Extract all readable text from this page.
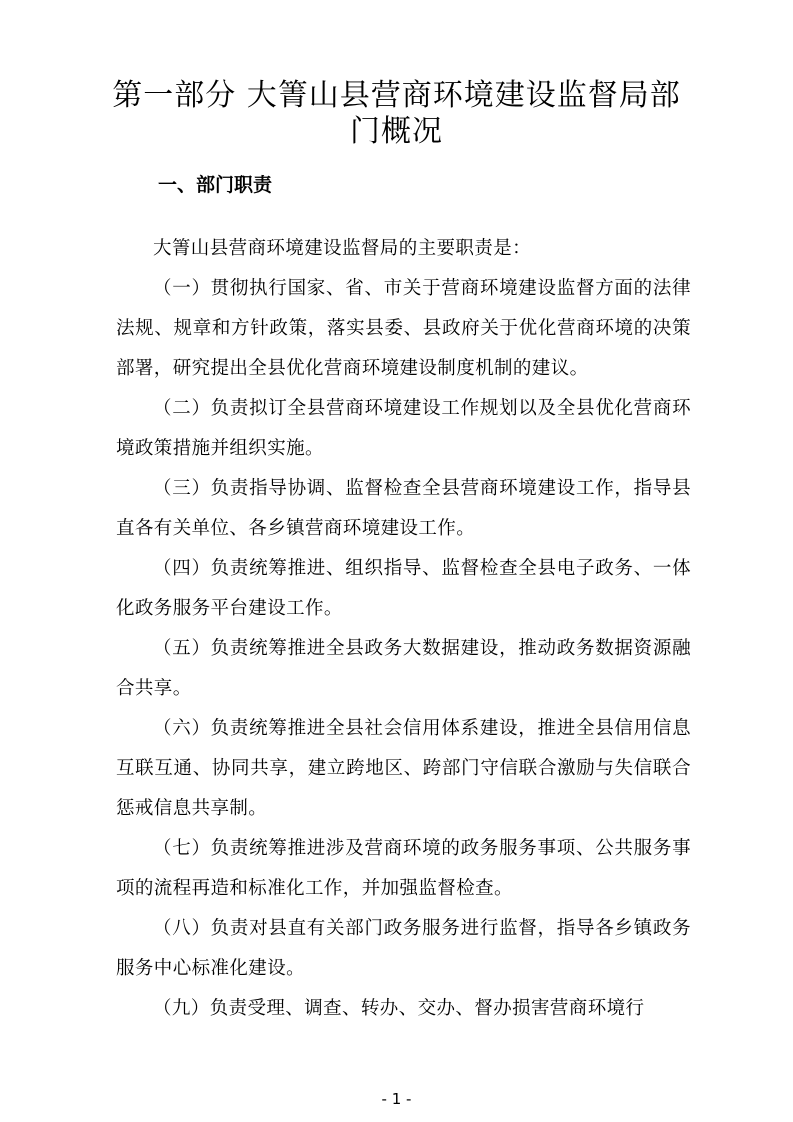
第一部分 大箐山县营商环境建设监督局部门概况
一、部门职责

大箐山县营商环境建设监督局的主要职责是：

（一）贯彻执行国家、省、市关于营商环境建设监督方面的法律法规、规章和方针政策，落实县委、县政府关于优化营商环境的决策部署，研究提出全县优化营商环境建设制度机制的建议。

（二）负责拟订全县营商环境建设工作规划以及全县优化营商环境政策措施并组织实施。

（三）负责指导协调、监督检查全县营商环境建设工作，指导县直各有关单位、各乡镇营商环境建设工作。

（四）负责统筹推进、组织指导、监督检查全县电子政务、一体化政务服务平台建设工作。

（五）负责统筹推进全县政务大数据建设，推动政务数据资源融合共享。

（六）负责统筹推进全县社会信用体系建设，推进全县信用信息互联互通、协同共享，建立跨地区、跨部门守信联合激励与失信联合惩戒信息共享制。

（七）负责统筹推进涉及营商环境的政务服务事项、公共服务事项的流程再造和标准化工作，并加强监督检查。

（八）负责对县直有关部门政务服务进行监督，指导各乡镇政务服务中心标准化建设。

（九）负责受理、调查、转办、交办、督办损害营商环境行

- 1 -
